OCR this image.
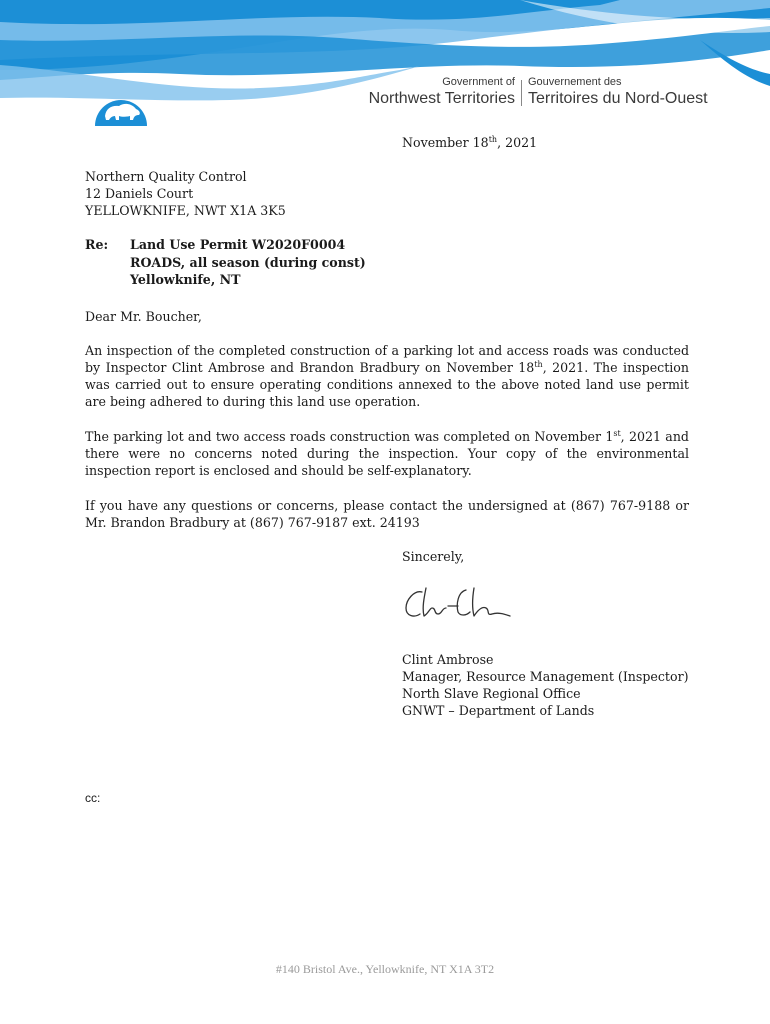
Government of
Northwest Territories
Gouvernement des
Territoires du Nord-Ouest
November 18th, 2021
Northern Quality Control
12 Daniels Court
YELLOWKNIFE, NWT X1A 3K5
Re: Land Use Permit W2020F0004
ROADS, all season (during const)
Yellowknife, NT
Dear Mr. Boucher,
An inspection of the completed construction of a parking lot and access roads was conducted by Inspector Clint Ambrose and Brandon Bradbury on November 18th, 2021. The inspection was carried out to ensure operating conditions annexed to the above noted land use permit are being adhered to during this land use operation.
The parking lot and two access roads construction was completed on November 1st, 2021 and there were no concerns noted during the inspection. Your copy of the environmental inspection report is enclosed and should be self-explanatory.
If you have any questions or concerns, please contact the undersigned at (867) 767-9188 or Mr. Brandon Bradbury at (867) 767-9187 ext. 24193
Sincerely,
Clint Ambrose
Manager, Resource Management (Inspector)
North Slave Regional Office
GNWT – Department of Lands
cc:
#140 Bristol Ave., Yellowknife, NT X1A 3T2
